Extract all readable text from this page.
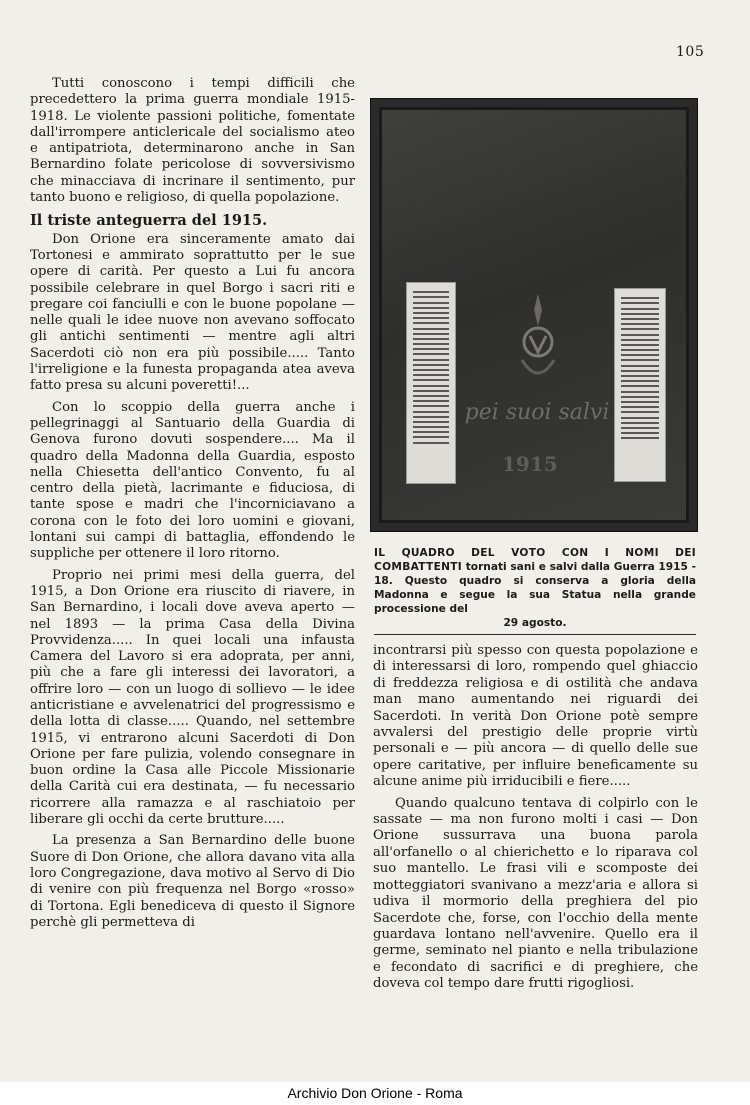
105

Tutti conoscono i tempi difficili che precedettero la prima guerra mondiale 1915-1918. Le violente passioni politiche, fomentate dall'irrompere anticlericale del socialismo ateo e antipatriota, determinarono anche in San Bernardino folate pericolose di sovversivismo che minacciava di incrinare il sentimento, pur tanto buono e religioso, di quella popolazione.

Il triste anteguerra del 1915.

Don Orione era sinceramente amato dai Tortonesi e ammirato soprattutto per le sue opere di carità. Per questo a Lui fu ancora possibile celebrare in quel Borgo i sacri riti e pregare coi fanciulli e con le buone popolane — nelle quali le idee nuove non avevano soffocato gli antichi sentimenti — mentre agli altri Sacerdoti ciò non era più possibile..... Tanto l'irreligione e la funesta propaganda atea aveva fatto presa su alcuni poveretti!...

Con lo scoppio della guerra anche i pellegrinaggi al Santuario della Guardia di Genova furono dovuti sospendere.... Ma il quadro della Madonna della Guardia, esposto nella Chiesetta dell'antico Convento, fu al centro della pietà, lacrimante e fiduciosa, di tante spose e madri che l'incorniciavano a corona con le foto dei loro uomini e giovani, lontani sui campi di battaglia, effondendo le suppliche per ottenere il loro ritorno.

Proprio nei primi mesi della guerra, del 1915, a Don Orione era riuscito di riavere, in San Bernardino, i locali dove aveva aperto — nel 1893 — la prima Casa della Divina Provvidenza..... In quei locali una infausta Camera del Lavoro si era adoprata, per anni, più che a fare gli interessi dei lavoratori, a offrire loro — con un luogo di sollievo — le idee anticristiane e avvelenatrici del progressismo e della lotta di classe..... Quando, nel settembre 1915, vi entrarono alcuni Sacerdoti di Don Orione per fare pulizia, volendo consegnare in buon ordine la Casa alle Piccole Missionarie della Carità cui era destinata, — fu necessario ricorrere alla ramazza e al raschiatoio per liberare gli occhi da certe brutture.....

La presenza a San Bernardino delle buone Suore di Don Orione, che allora davano vita alla loro Congregazione, dava motivo al Servo di Dio di venire con più frequenza nel Borgo «rosso» di Tortona. Egli benediceva di questo il Signore perchè gli permetteva di

pei suoi salvi
1915
IL QUADRO DEL VOTO CON I NOMI DEI COMBATTENTI tornati sani e salvi dalla Guerra 1915 - 18. Questo quadro si conserva a gloria della Madonna e segue la sua Statua nella grande processione del
29 agosto.

incontrarsi più spesso con questa popolazione e di interessarsi di loro, rompendo quel ghiaccio di freddezza religiosa e di ostilità che andava man mano aumentando nei riguardi dei Sacerdoti. In verità Don Orione potè sempre avvalersi del prestigio delle proprie virtù personali e — più ancora — di quello delle sue opere caritative, per influire beneficamente su alcune anime più irriducibili e fiere.....

Quando qualcuno tentava di colpirlo con le sassate — ma non furono molti i casi — Don Orione sussurrava una buona parola all'orfanello o al chierichetto e lo riparava col suo mantello. Le frasi vili e scomposte dei motteggiatori svanivano a mezz'aria e allora si udiva il mormorio della preghiera del pio Sacerdote che, forse, con l'occhio della mente guardava lontano nell'avvenire. Quello era il germe, seminato nel pianto e nella tribulazione e fecondato di sacrifici e di preghiere, che doveva col tempo dare frutti rigogliosi.

Archivio Don Orione - Roma
